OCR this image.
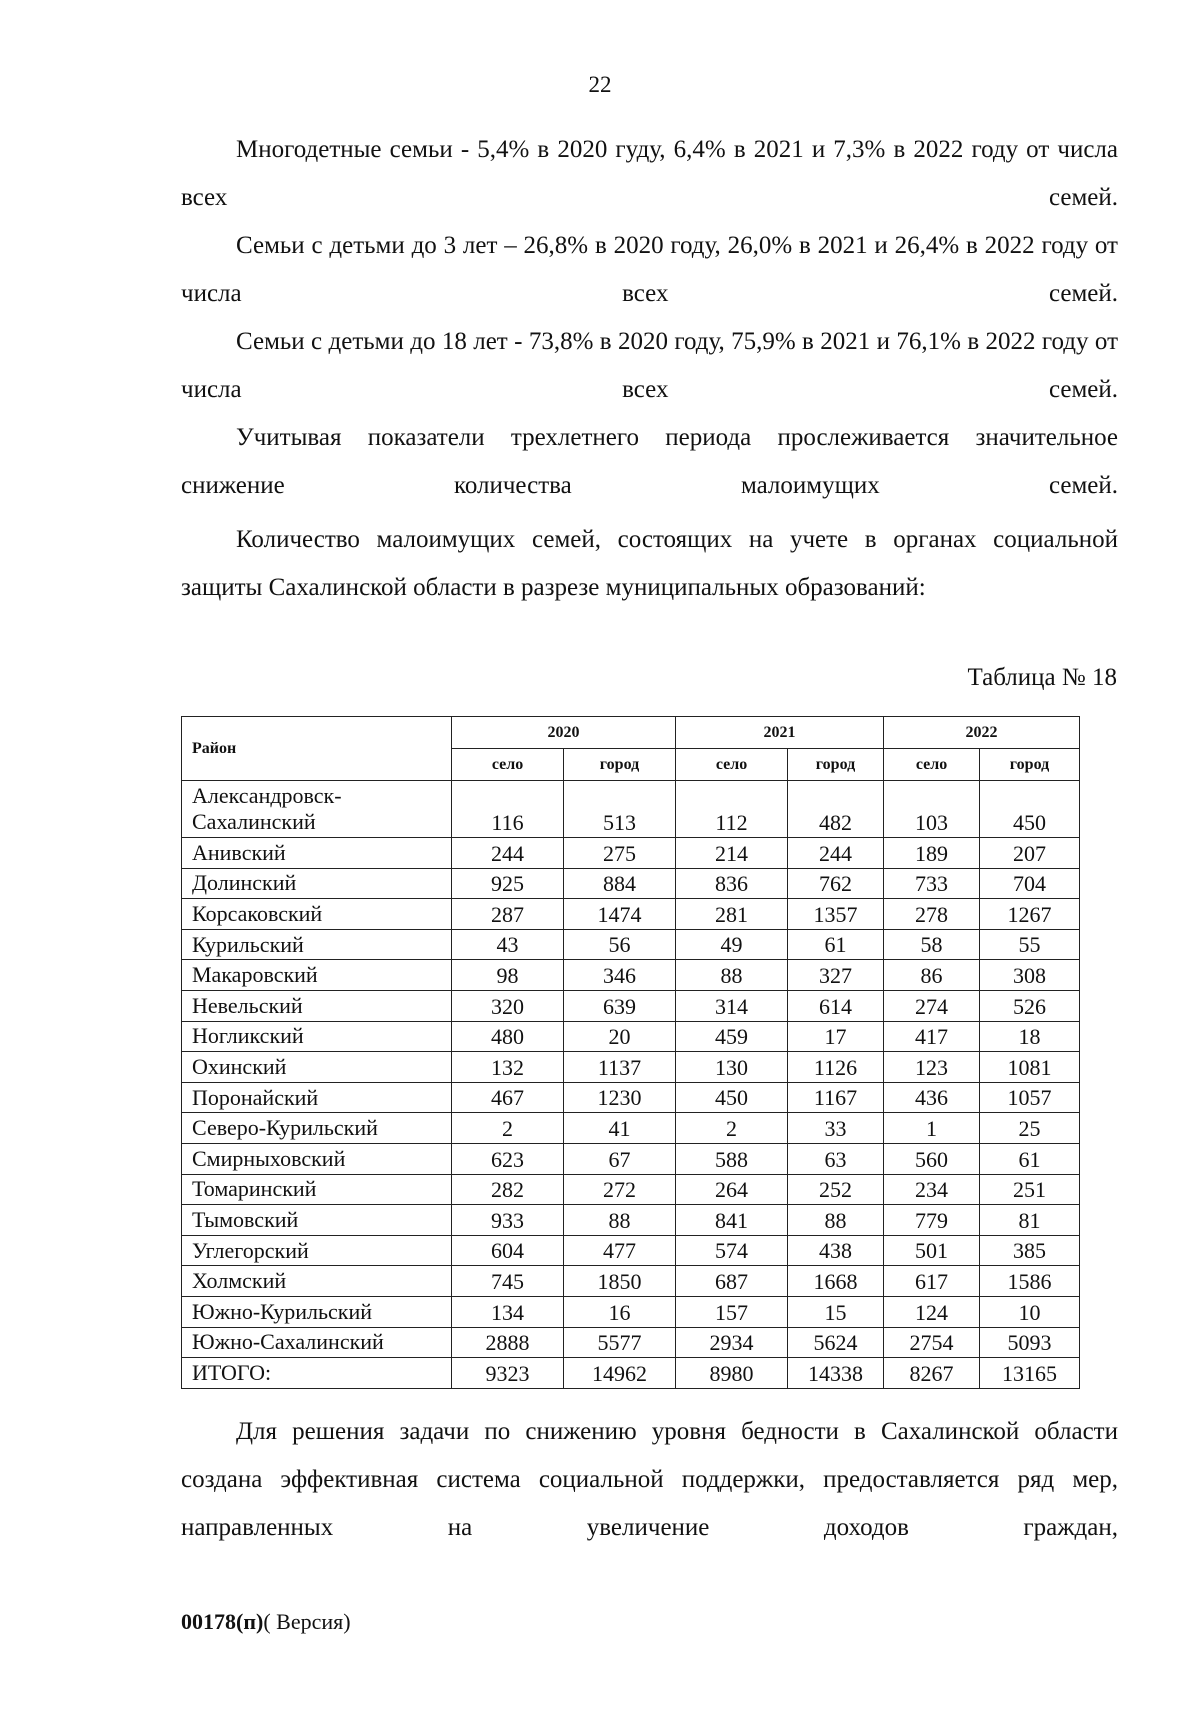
22

Многодетные семьи - 5,4% в 2020 гуду, 6,4% в 2021 и 7,3% в 2022 году от числа всех семей.

Семьи с детьми до 3 лет – 26,8% в 2020 году, 26,0% в 2021 и 26,4% в 2022 году от числа всех семей.

Семьи с детьми до 18 лет - 73,8% в 2020 году, 75,9% в 2021 и 76,1% в 2022 году от числа всех семей.

Учитывая показатели трехлетнего периода прослеживается значительное снижение количества малоимущих семей.

Количество малоимущих семей, состоящих на учете в органах социальной защиты Сахалинской области в разрезе муниципальных образований:

Таблица № 18
Район	2020		2021		2022	
	село	город	село	город	село	город
Александровск-Сахалинский	116	513	112	482	103	450
Анивский	244	275	214	244	189	207
Долинский	925	884	836	762	733	704
Корсаковский	287	1474	281	1357	278	1267
Курильский	43	56	49	61	58	55
Макаровский	98	346	88	327	86	308
Невельский	320	639	314	614	274	526
Ногликский	480	20	459	17	417	18
Охинский	132	1137	130	1126	123	1081
Поронайский	467	1230	450	1167	436	1057
Северо-Курильский	2	41	2	33	1	25
Смирныховский	623	67	588	63	560	61
Томаринский	282	272	264	252	234	251
Тымовский	933	88	841	88	779	81
Углегорский	604	477	574	438	501	385
Холмский	745	1850	687	1668	617	1586
Южно-Курильский	134	16	157	15	124	10
Южно-Сахалинский	2888	5577	2934	5624	2754	5093
ИТОГО:	9323	14962	8980	14338	8267	13165

Для решения задачи по снижению уровня бедности в Сахалинской области создана эффективная система социальной поддержки, предоставляется ряд мер, направленных на увеличение доходов граждан,

00178(п)( Версия)
